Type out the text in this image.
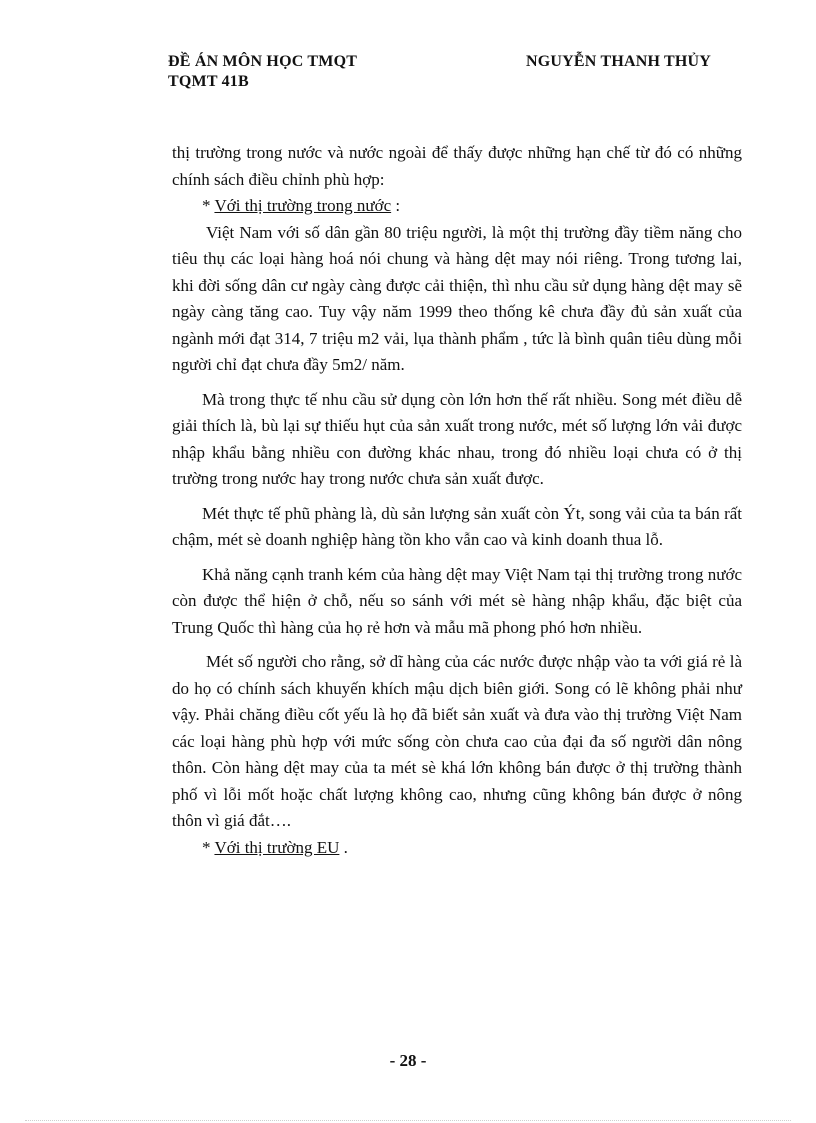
ĐỀ ÁN MÔN HỌC TMQT
TQMT 41B
NGUYỄN THANH THỦY

thị trường trong nước và nước ngoài để thấy được những hạn chế từ đó có những chính sách điều chỉnh phù hợp:

* Với thị trường trong nước :

Việt Nam với số dân gần 80 triệu người, là một thị trường đầy tiềm năng cho tiêu thụ các loại hàng hoá nói chung và hàng dệt may nói riêng. Trong tương lai, khi đời sống dân cư ngày càng được cải thiện, thì nhu cầu sử dụng hàng dệt may sẽ ngày càng tăng cao. Tuy vậy năm 1999 theo thống kê chưa đầy đủ sản xuất của ngành mới đạt 314, 7 triệu m2 vải, lụa thành phẩm , tức là bình quân tiêu dùng mỗi người chỉ đạt chưa đầy 5m2/ năm.

Mà trong thực tế nhu cầu sử dụng còn lớn hơn thế rất nhiều. Song mét điều dễ giải thích là, bù lại sự thiếu hụt của sản xuất trong nước, mét số lượng lớn vải được nhập khẩu bằng nhiều con đường khác nhau, trong đó nhiều loại chưa có ở thị trường trong nước hay trong nước chưa sản xuất được.

Mét thực tế phũ phàng là, dù sản lượng sản xuất còn Ýt, song vải của ta bán rất chậm, mét sè doanh nghiệp hàng tồn kho vẫn cao và kinh doanh thua lỗ.

Khả năng cạnh tranh kém của hàng dệt may Việt Nam tại thị trường trong nước còn được thể hiện ở chỗ, nếu so sánh với mét sè hàng nhập khẩu, đặc biệt của Trung Quốc thì hàng của họ rẻ hơn và mẫu mã phong phó hơn nhiều.

Mét số người cho rằng, sở dĩ hàng của các nước được nhập vào ta với giá rẻ là do họ có chính sách khuyến khích mậu dịch biên giới. Song có lẽ không phải như vậy. Phải chăng điều cốt yếu là họ đã biết sản xuất và đưa vào thị trường Việt Nam các loại hàng phù hợp với mức sống còn chưa cao của đại đa số người dân nông thôn. Còn hàng dệt may của ta mét sè khá lớn không bán được ở thị trường thành phố vì lỗi mốt hoặc chất lượng không cao, nhưng cũng không bán được ở nông thôn vì giá đắt….

* Với thị trường EU .

- 28 -
